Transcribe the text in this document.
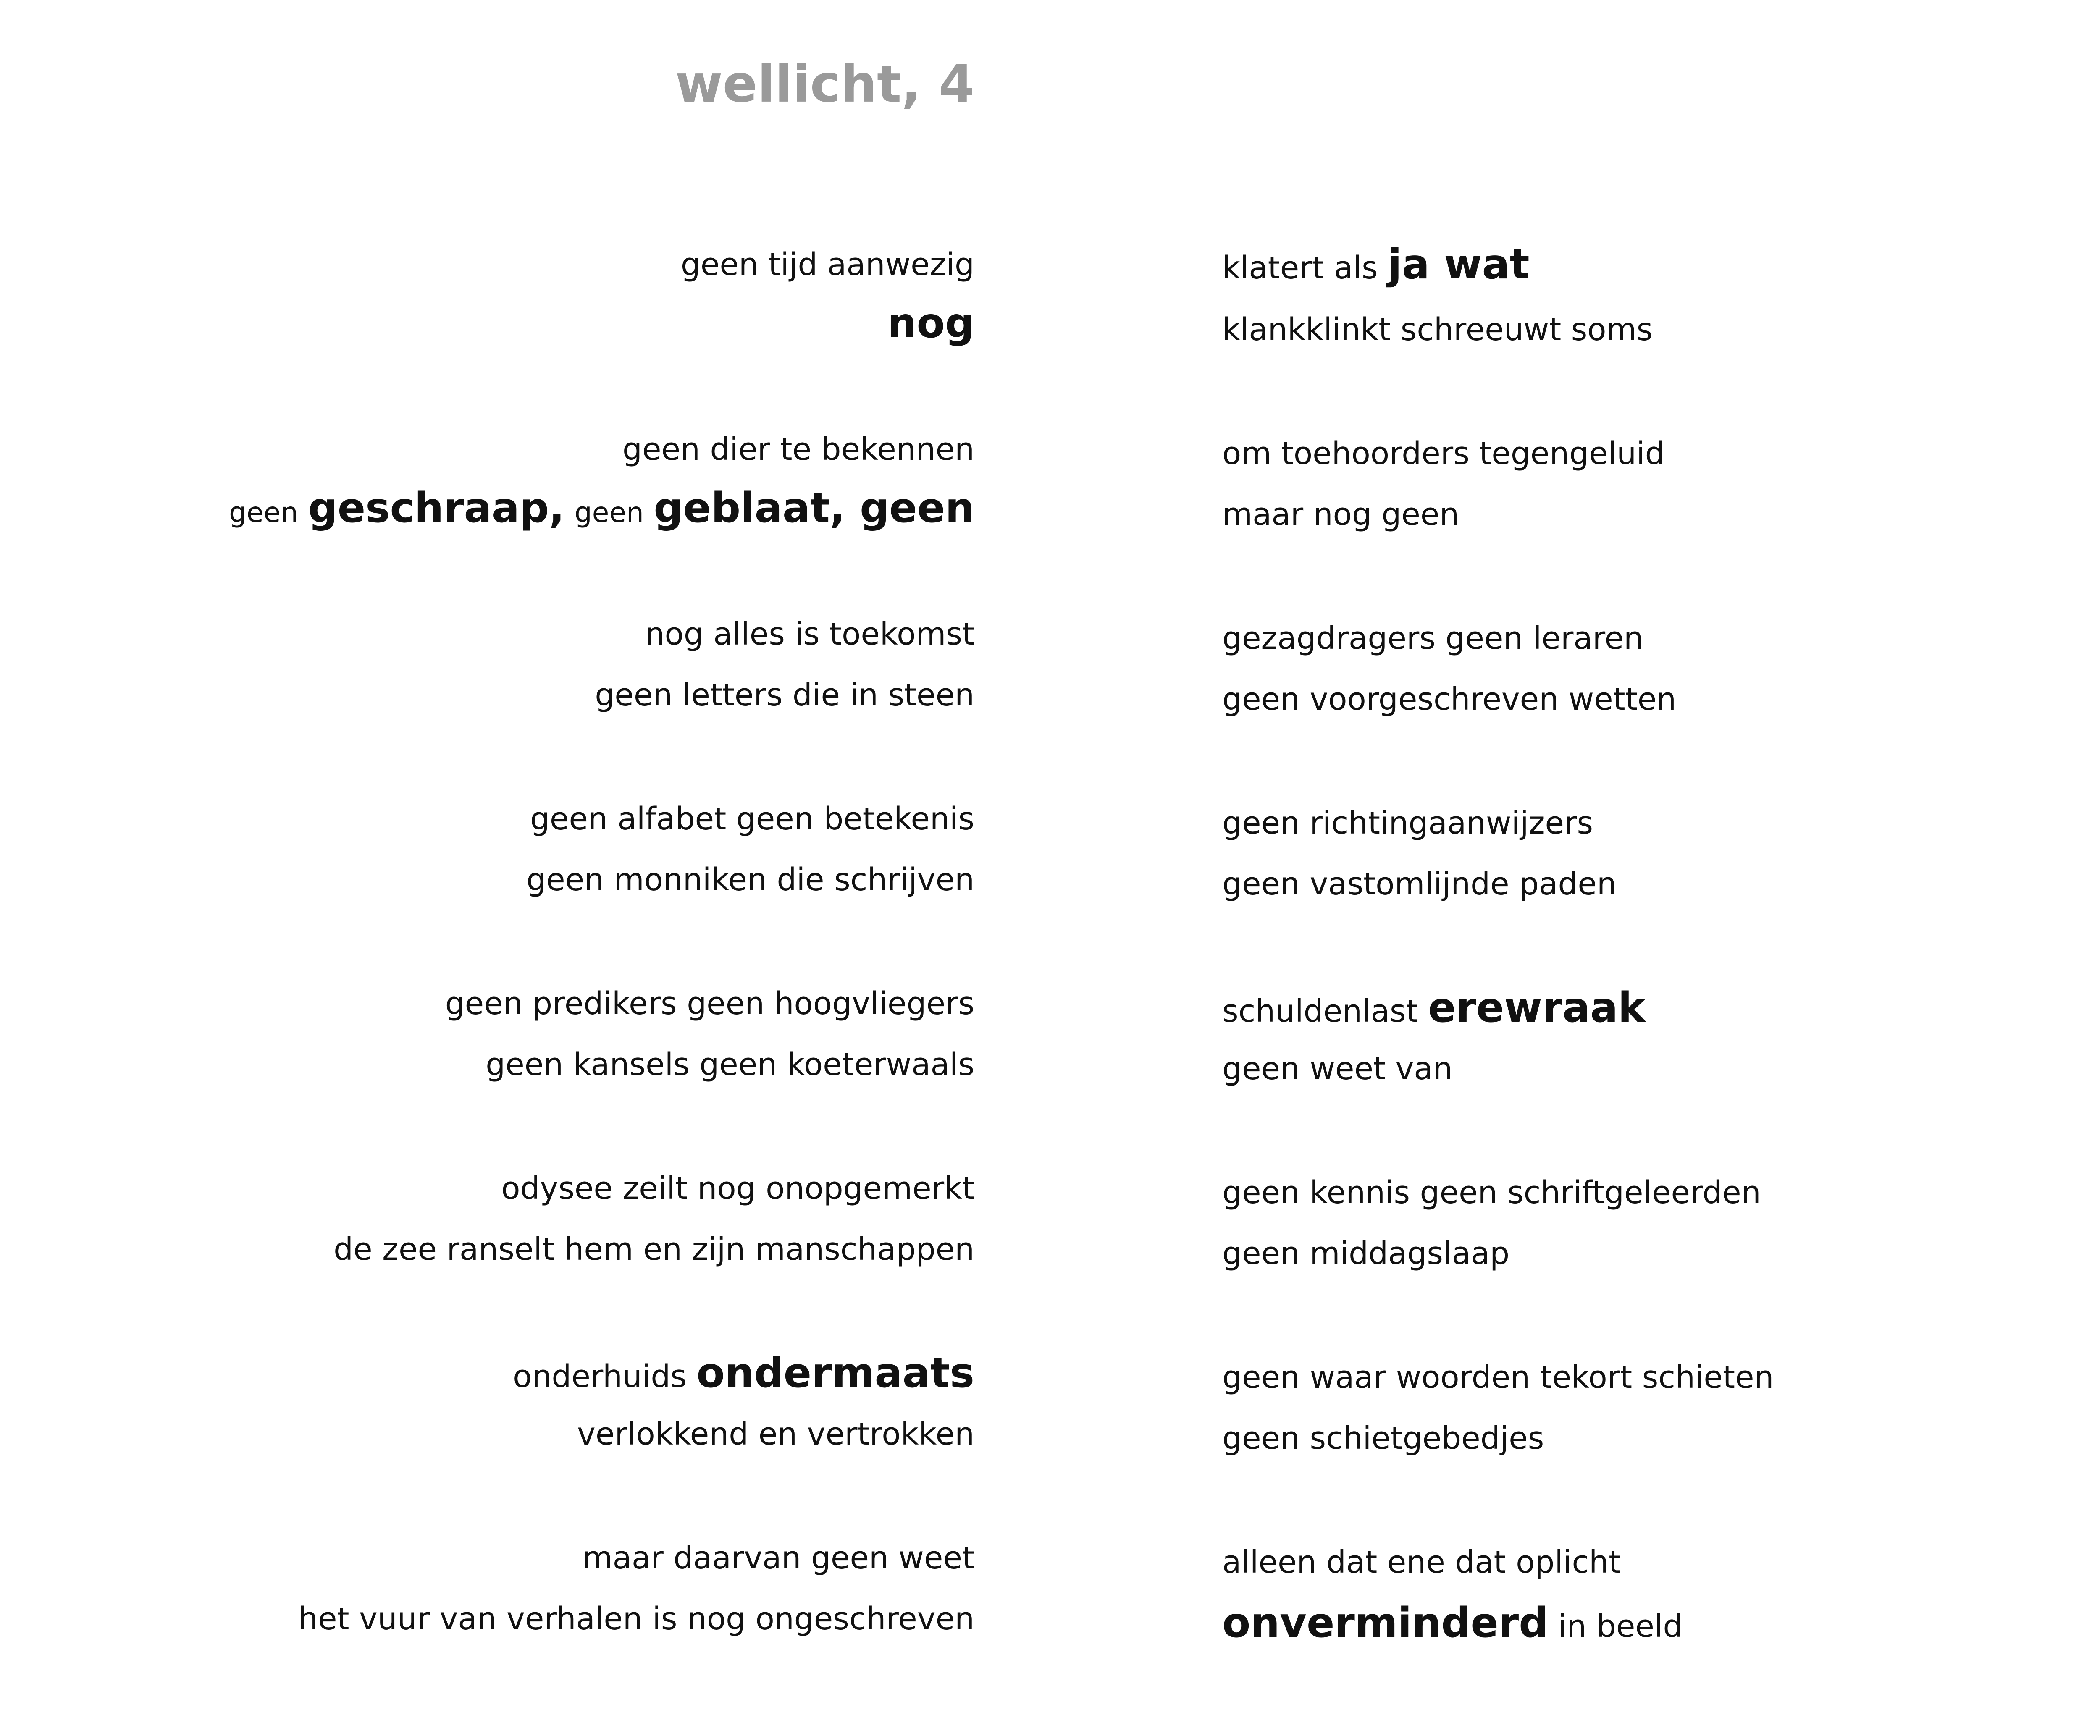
wellicht, 4
geen tijd aanwezig
nog
geen dier te bekennen
geen geschraap, geen geblaat, geen
nog alles is toekomst
geen letters die in steen
geen alfabet geen betekenis
geen monniken die schrijven
geen predikers geen hoogvliegers
geen kansels geen koeterwaals
odysee zeilt nog onopgemerkt
de zee ranselt hem en zijn manschappen
onderhuids ondermaats
verlokkend en vertrokken
maar daarvan geen weet
het vuur van verhalen is nog ongeschreven
klatert als ja wat
klankklinkt schreeuwt soms
om toehoorders tegengeluid
maar nog geen
gezagdragers geen leraren
geen voorgeschreven wetten
geen richtingaanwijzers
geen vastomlijnde paden
schuldenlast erewraak
geen weet van
geen kennis geen schriftgeleerden
geen middagslaap
geen waar woorden tekort schieten
geen schietgebedjes
alleen dat ene dat oplicht
onverminderd in beeld
